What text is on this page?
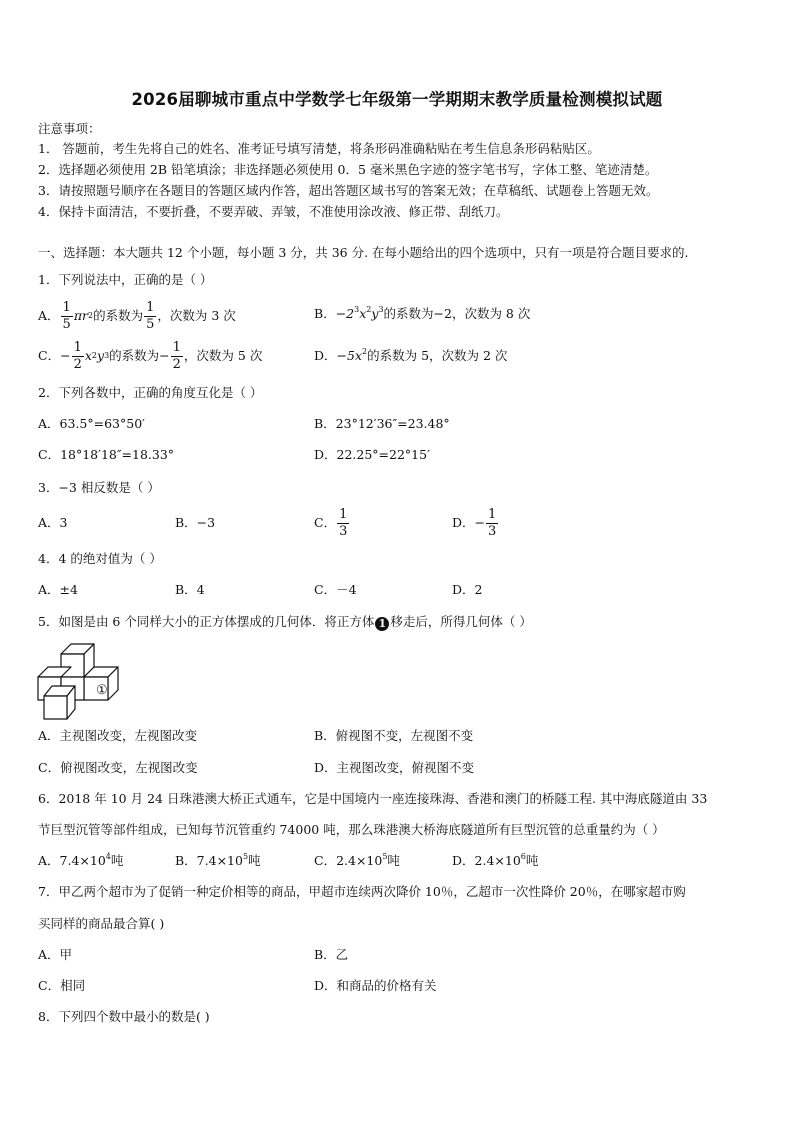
2026届聊城市重点中学数学七年级第一学期期末教学质量检测模拟试题
注意事项：
1． 答题前，考生先将自己的姓名、准考证号填写清楚，将条形码准确粘贴在考生信息条形码粘贴区。
2．选择题必须使用 2B 铅笔填涂；非选择题必须使用 0．5 毫米黑色字迹的签字笔书写，字体工整、笔迹清楚。
3．请按照题号顺序在各题目的答题区域内作答，超出答题区域书写的答案无效；在草稿纸、试题卷上答题无效。
4．保持卡面清洁，不要折叠，不要弄破、弄皱，不准使用涂改液、修正带、刮纸刀。
一、选择题：本大题共 12 个小题，每小题 3 分，共 36 分. 在每小题给出的四个选项中，只有一项是符合题目要求的.
1．下列说法中，正确的是（ ）
A． $\frac{1}{5}$ πr 2 的系数为 $\frac{1}{5}$ ，次数为 3 次	B．$-2^3x^2y^3$的系数为−2，次数为 8 次
C． − $\frac{1}{2}$ x 2 y 3 的系数为− $\frac{1}{2}$ ，次数为 5 次	D．$-5x^2$的系数为 5，次数为 2 次
2．下列各数中，正确的角度互化是（ ）
A．63.5°=63°50′	B．23°12′36″=23.48°
C．18°18′18″=18.33°	D．22.25°=22°15′
3．−3 相反数是（ ）
A．3	B．−3	C． $\frac{1}{3}$	D．− $\frac{1}{3}$
4．4 的绝对值为（ ）
A．±4	B．4	C．－4	D．2
5．如图是由 6 个同样大小的正方体摆成的几何体．将正方体 1 移走后，所得几何体（ ）
①
A．主视图改变，左视图改变	B．俯视图不变，左视图不变
C．俯视图改变，左视图改变	D．主视图改变，俯视图不变
6．2018 年 10 月 24 日珠港澳大桥正式通车，它是中国境内一座连接珠海、香港和澳门的桥隧工程. 其中海底隧道由 33
节巨型沉管等部件组成，已知每节沉管重约 74000 吨，那么珠港澳大桥海底隧道所有巨型沉管的总重量约为（ ）
A．$7.4\times 10^4$吨	B．$7.4\times 10^5$吨	C．$2.4\times 10^5$吨	D．$2.4\times 10^6$吨
7．甲乙两个超市为了促销一种定价相等的商品，甲超市连续两次降价 10％，乙超市一次性降价 20％，在哪家超市购
买同样的商品最合算( )
A．甲	B．乙
C．相同	D．和商品的价格有关
8．下列四个数中最小的数是( )
